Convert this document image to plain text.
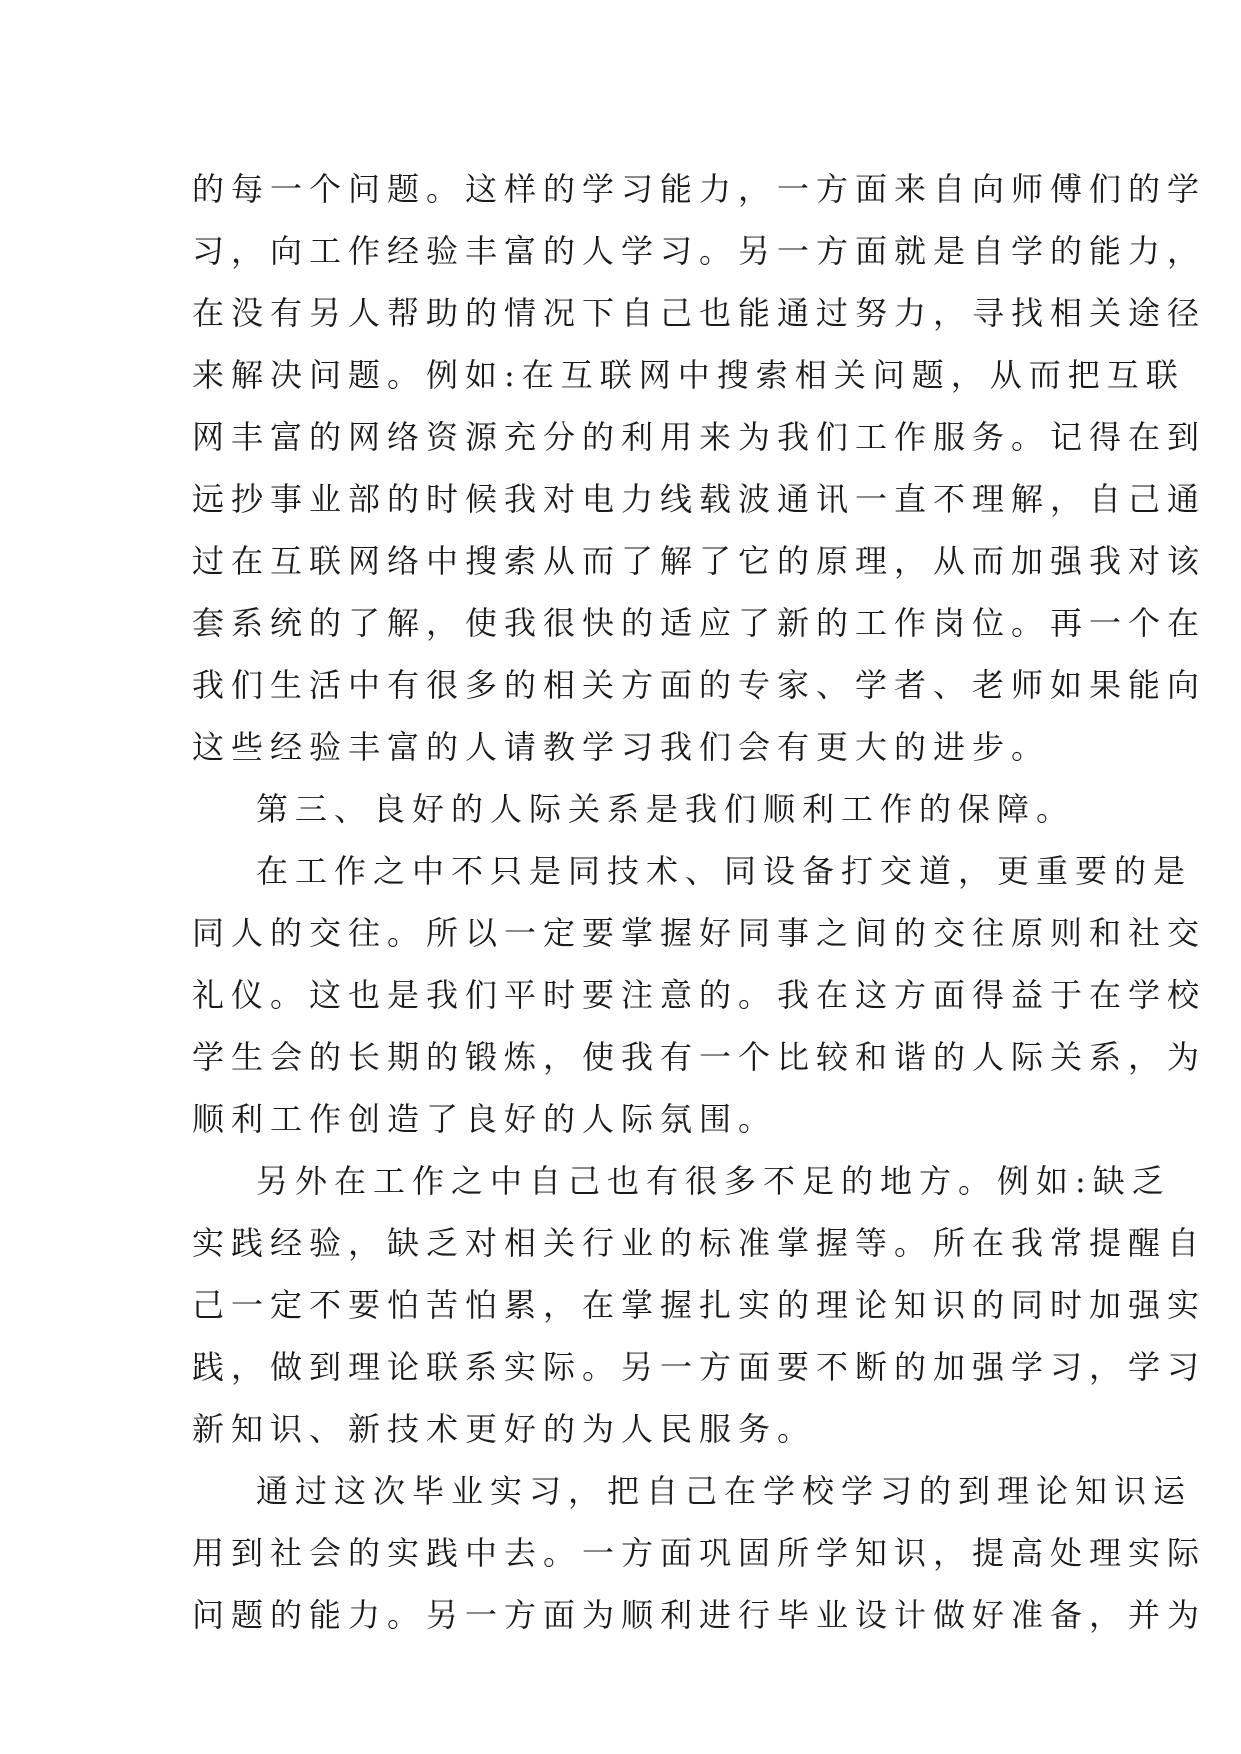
的每一个问题。这样的学习能力，一方面来自向师傅们的学
习，向工作经验丰富的人学习。另一方面就是自学的能力，
在没有另人帮助的情况下自己也能通过努力，寻找相关途径
来解决问题。例如:在互联网中搜索相关问题，从而把互联
网丰富的网络资源充分的利用来为我们工作服务。记得在到
远抄事业部的时候我对电力线载波通讯一直不理解，自己通
过在互联网络中搜索从而了解了它的原理，从而加强我对该
套系统的了解，使我很快的适应了新的工作岗位。再一个在
我们生活中有很多的相关方面的专家、学者、老师如果能向
这些经验丰富的人请教学习我们会有更大的进步。
第三、良好的人际关系是我们顺利工作的保障。
在工作之中不只是同技术、同设备打交道，更重要的是
同人的交往。所以一定要掌握好同事之间的交往原则和社交
礼仪。这也是我们平时要注意的。我在这方面得益于在学校
学生会的长期的锻炼，使我有一个比较和谐的人际关系，为
顺利工作创造了良好的人际氛围。
另外在工作之中自己也有很多不足的地方。例如:缺乏
实践经验，缺乏对相关行业的标准掌握等。所在我常提醒自
己一定不要怕苦怕累，在掌握扎实的理论知识的同时加强实
践，做到理论联系实际。另一方面要不断的加强学习，学习
新知识、新技术更好的为人民服务。
通过这次毕业实习，把自己在学校学习的到理论知识运
用到社会的实践中去。一方面巩固所学知识，提高处理实际
问题的能力。另一方面为顺利进行毕业设计做好准备，并为
